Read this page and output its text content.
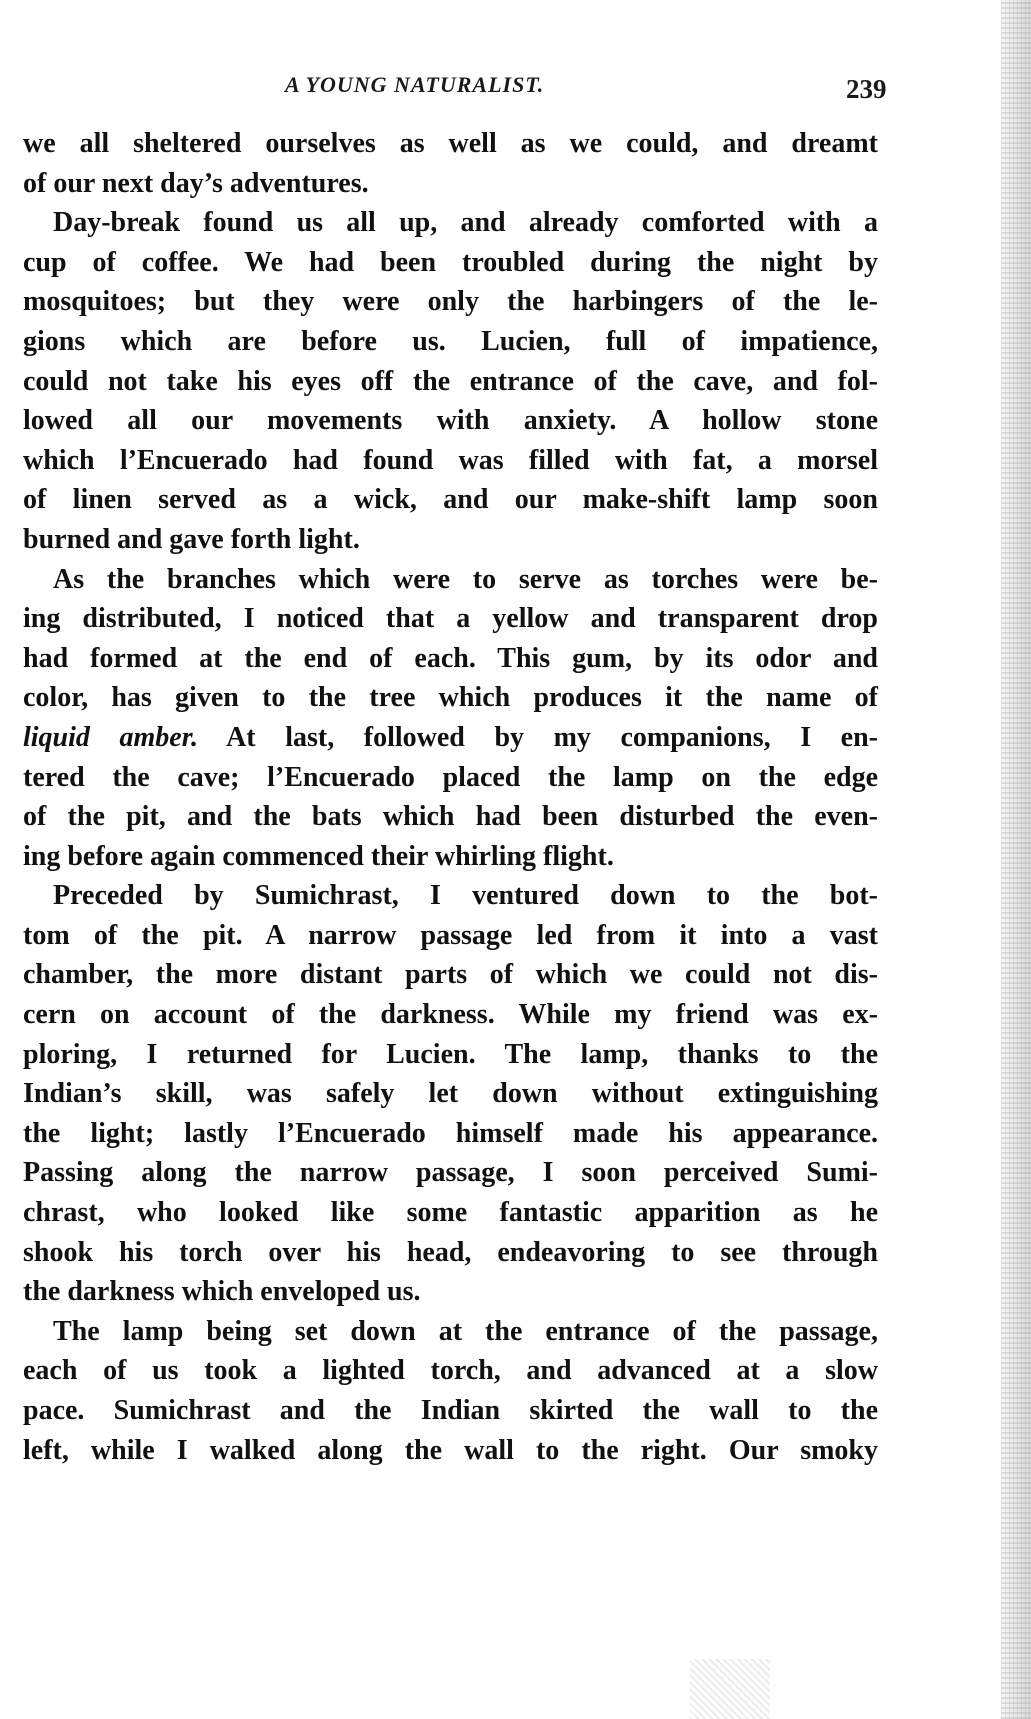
A YOUNG NATURALIST.	239
we all sheltered ourselves as well as we could, and dreamt
of our next day’s adventures.
Day-break found us all up, and already comforted with a
cup of coffee. We had been troubled during the night by
mosquitoes; but they were only the harbingers of the le-
gions which are before us. Lucien, full of impatience,
could not take his eyes off the entrance of the cave, and fol-
lowed all our movements with anxiety. A hollow stone
which l’Encuerado had found was filled with fat, a morsel
of linen served as a wick, and our make-shift lamp soon
burned and gave forth light.
As the branches which were to serve as torches were be-
ing distributed, I noticed that a yellow and transparent drop
had formed at the end of each. This gum, by its odor and
color, has given to the tree which produces it the name of
liquid amber. At last, followed by my companions, I en-
tered the cave; l’Encuerado placed the lamp on the edge
of the pit, and the bats which had been disturbed the even-
ing before again commenced their whirling flight.
Preceded by Sumichrast, I ventured down to the bot-
tom of the pit. A narrow passage led from it into a vast
chamber, the more distant parts of which we could not dis-
cern on account of the darkness. While my friend was ex-
ploring, I returned for Lucien. The lamp, thanks to the
Indian’s skill, was safely let down without extinguishing
the light; lastly l’Encuerado himself made his appearance.
Passing along the narrow passage, I soon perceived Sumi-
chrast, who looked like some fantastic apparition as he
shook his torch over his head, endeavoring to see through
the darkness which enveloped us.
The lamp being set down at the entrance of the passage,
each of us took a lighted torch, and advanced at a slow
pace. Sumichrast and the Indian skirted the wall to the
left, while I walked along the wall to the right. Our smoky
